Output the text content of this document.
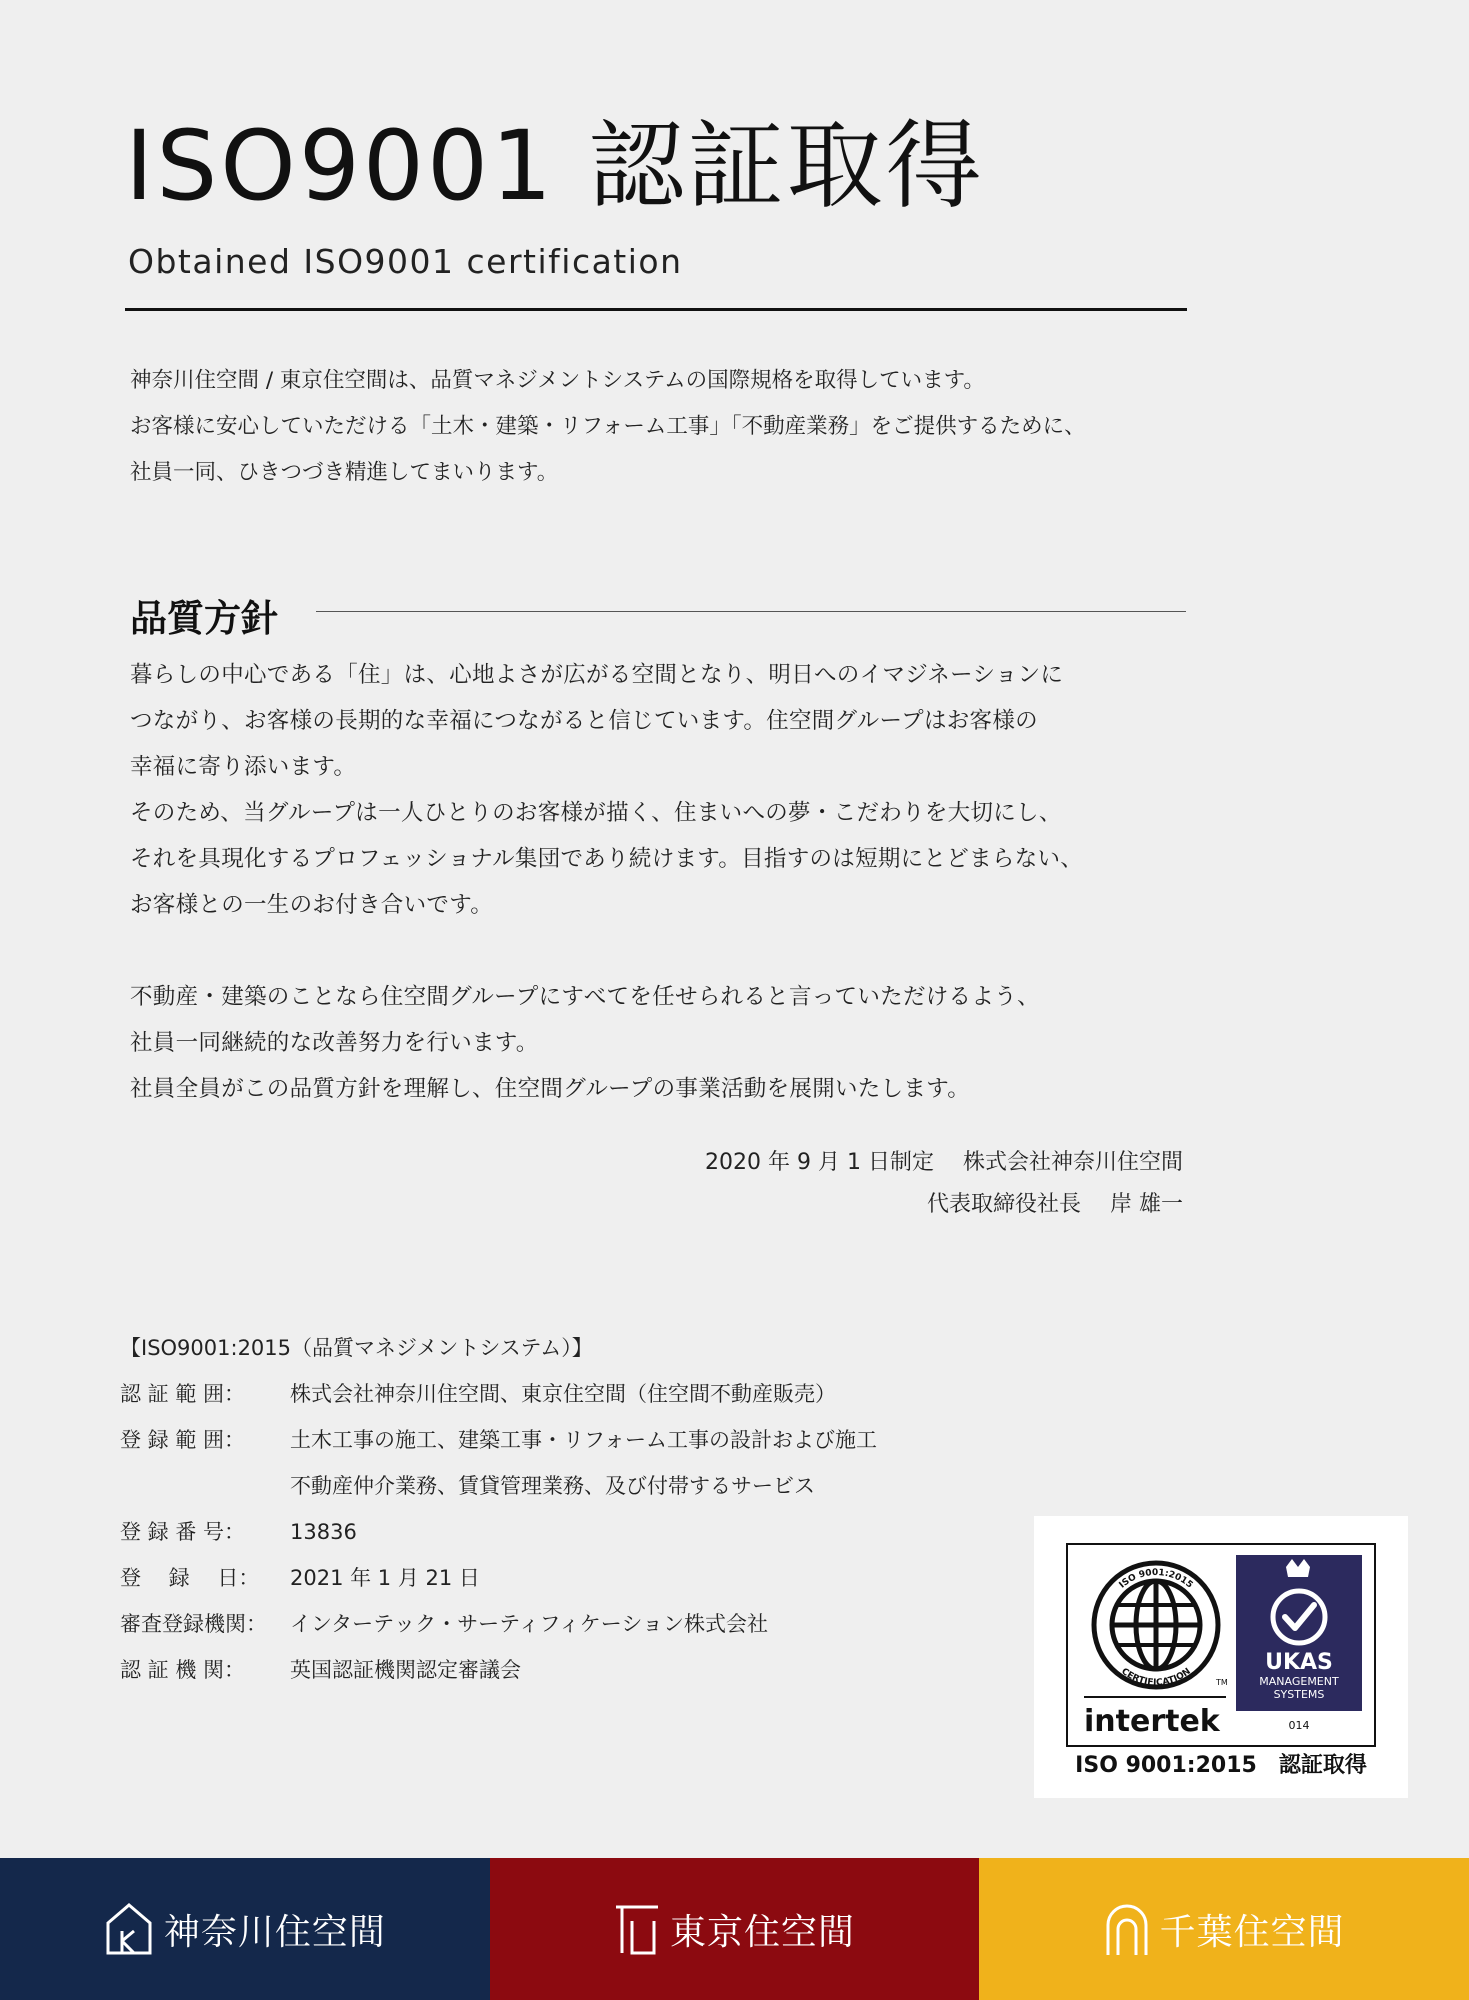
ISO9001 認証取得
Obtained ISO9001 certification

神奈川住空間 / 東京住空間は、品質マネジメントシステムの国際規格を取得しています。

お客様に安心していただける「土木・建築・リフォーム工事」「不動産業務」をご提供するために、

社員一同、ひきつづき精進してまいります。

品質方針

暮らしの中心である「住」は、心地よさが広がる空間となり、明日へのイマジネーションに

つながり、お客様の長期的な幸福につながると信じています。住空間グループはお客様の

幸福に寄り添います。

そのため、当グループは一人ひとりのお客様が描く、住まいへの夢・こだわりを大切にし、

それを具現化するプロフェッショナル集団であり続けます。目指すのは短期にとどまらない、

お客様との一生のお付き合いです。

不動産・建築のことなら住空間グループにすべてを任せられると言っていただけるよう、

社員一同継続的な改善努力を行います。

社員全員がこの品質方針を理解し、住空間グループの事業活動を展開いたします。

2020 年 9 月 1 日制定　 株式会社神奈川住空間
代表取締役社長　 岸 雄一
【ISO9001:2015（品質マネジメントシステム）】
認 証 範 囲：	株式会社神奈川住空間、東京住空間（住空間不動産販売）
登 録 範 囲：	土木工事の施工、建築工事・リフォーム工事の設計および施工
不動産仲介業務、賃貸管理業務、及び付帯するサービス
登 録 番 号：	13836
登　 録 　日：	2021 年 1 月 21 日
審査登録機関：	インターテック・サーティフィケーション株式会社
認 証 機 関：	英国認証機関認定審議会
ISO 9001:2015
CERTIFICATION
TM
intertek
UKAS
MANAGEMENT
SYSTEMS
014
ISO 9001:2015　認証取得
神奈川住空間	東京住空間	千葉住空間
